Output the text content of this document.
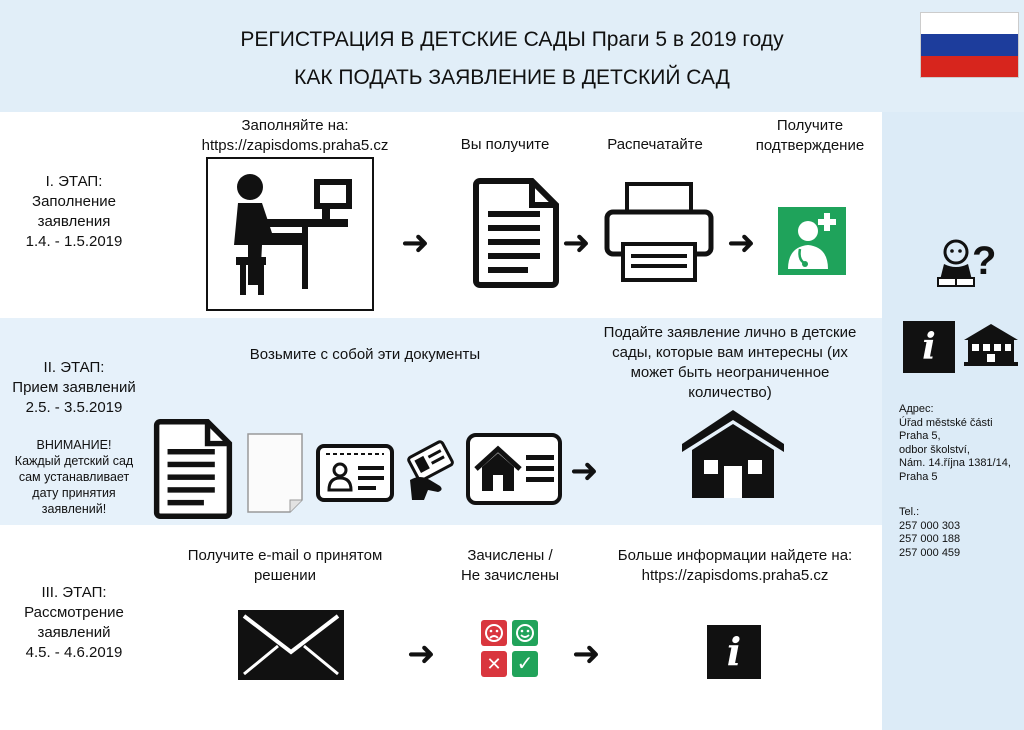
РЕГИСТРАЦИЯ В ДЕТСКИЕ САДЫ Праги 5 в 2019 году
КАК ПОДАТЬ ЗАЯВЛЕНИЕ В ДЕТСКИЙ САД
I. ЭТАП:
Заполнение
заявления
1.4. - 1.5.2019
Заполняйте на:
https://zapisdoms.praha5.cz	Вы получите	Распечатайте
Получите
подтверждение
➜	➜	➜
II. ЭТАП:
Прием заявлений
2.5. - 3.5.2019
ВНИМАНИЕ!
Каждый детский сад
сам устанавливает
дату принятия
заявлений!
Возьмите с собой эти документы
Подайте заявление лично в детские
сады, которые вам интересны (их
может быть неограниченное
количество)
➜
III. ЭТАП:
Рассмотрение
заявлений
4.5. - 4.6.2019
Получите e-mail о принятом
решении
Зачислены /
Не зачислены
Больше информации найдете на:
https://zapisdoms.praha5.cz
➜	✕ ✓ ➜	i
?
i
Адрес:
Úřad městské části
Praha 5,
odbor školství,
Nám. 14.října 1381/14,
Praha 5
Tel.:
257 000 303
257 000 188
257 000 459
